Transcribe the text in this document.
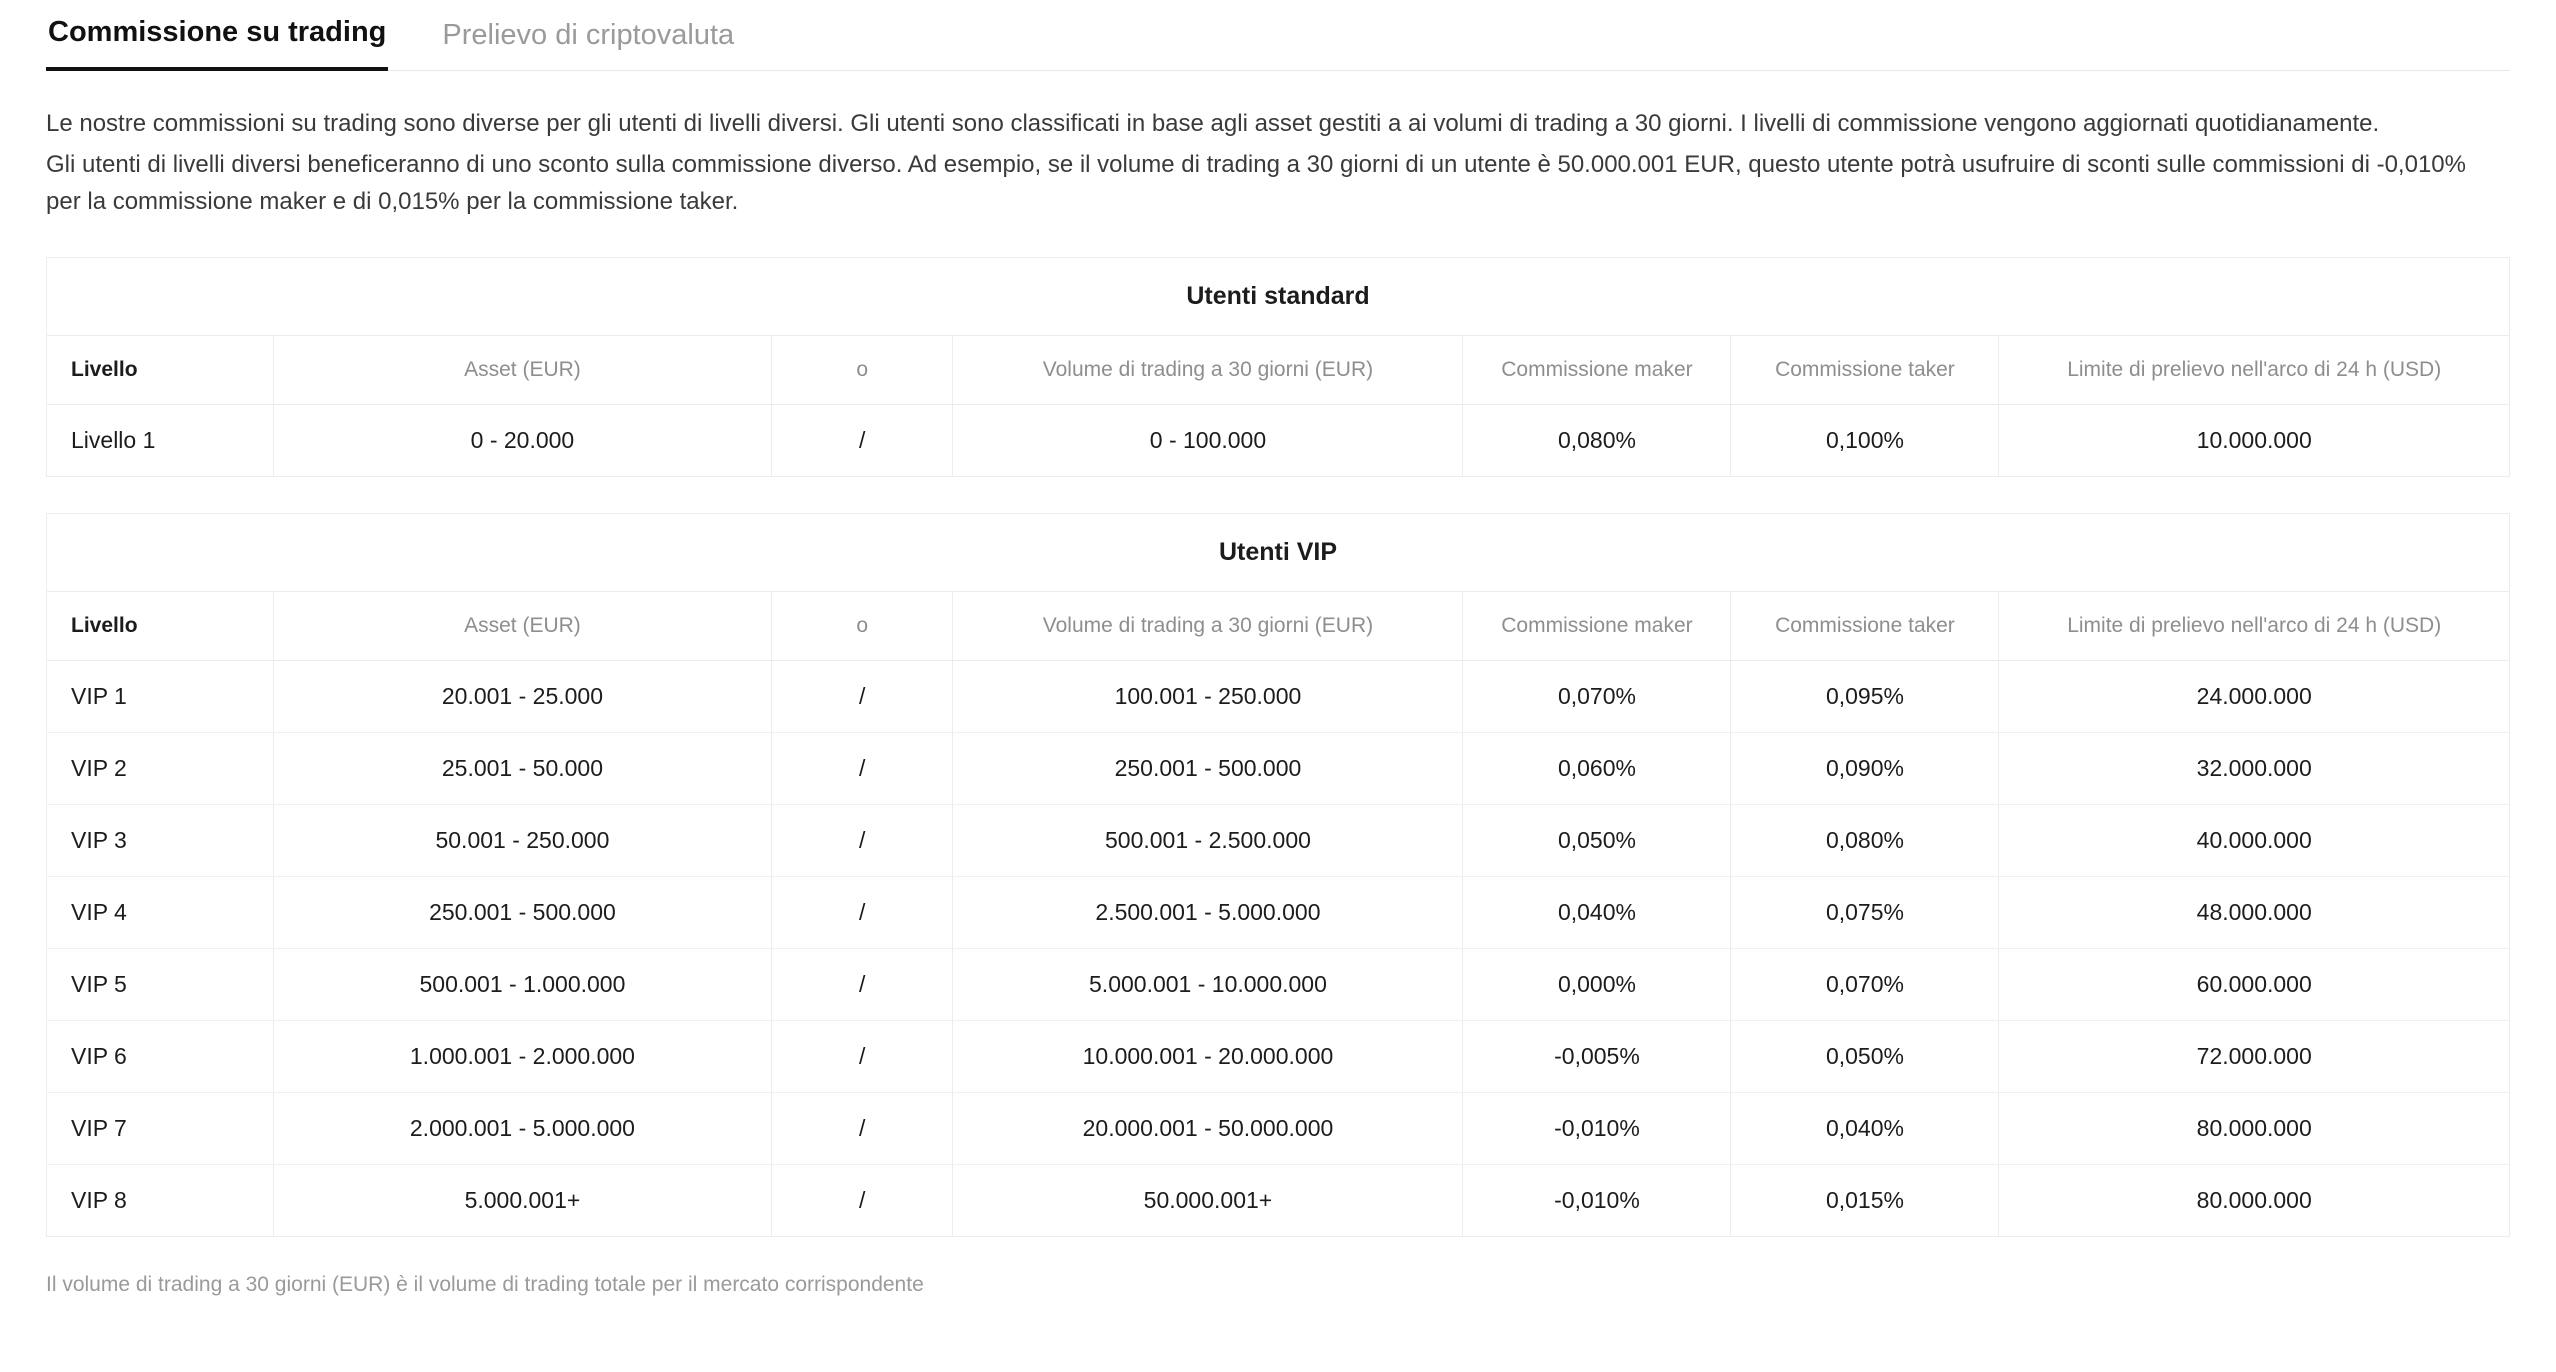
Commissione su trading Prelievo di criptovaluta

Le nostre commissioni su trading sono diverse per gli utenti di livelli diversi. Gli utenti sono classificati in base agli asset gestiti a ai volumi di trading a 30 giorni. I livelli di commissione vengono aggiornati quotidianamente.

Gli utenti di livelli diversi beneficeranno di uno sconto sulla commissione diverso. Ad esempio, se il volume di trading a 30 giorni di un utente è 50.000.001 EUR, questo utente potrà usufruire di sconti sulle commissioni di -0,010% per la commissione maker e di 0,015% per la commissione taker.

Utenti standard
Livello	Asset (EUR)	o	Volume di trading a 30 giorni (EUR)	Commissione maker	Commissione taker	Limite di prelievo nell'arco di 24 h (USD)
Livello 1	0 - 20.000	/	0 - 100.000	0,080%	0,100%	10.000.000
Utenti VIP
Livello	Asset (EUR)	o	Volume di trading a 30 giorni (EUR)	Commissione maker	Commissione taker	Limite di prelievo nell'arco di 24 h (USD)
VIP 1	20.001 - 25.000	/	100.001 - 250.000	0,070%	0,095%	24.000.000
VIP 2	25.001 - 50.000	/	250.001 - 500.000	0,060%	0,090%	32.000.000
VIP 3	50.001 - 250.000	/	500.001 - 2.500.000	0,050%	0,080%	40.000.000
VIP 4	250.001 - 500.000	/	2.500.001 - 5.000.000	0,040%	0,075%	48.000.000
VIP 5	500.001 - 1.000.000	/	5.000.001 - 10.000.000	0,000%	0,070%	60.000.000
VIP 6	1.000.001 - 2.000.000	/	10.000.001 - 20.000.000	-0,005%	0,050%	72.000.000
VIP 7	2.000.001 - 5.000.000	/	20.000.001 - 50.000.000	-0,010%	0,040%	80.000.000
VIP 8	5.000.001+	/	50.000.001+	-0,010%	0,015%	80.000.000
Il volume di trading a 30 giorni (EUR) è il volume di trading totale per il mercato corrispondente
